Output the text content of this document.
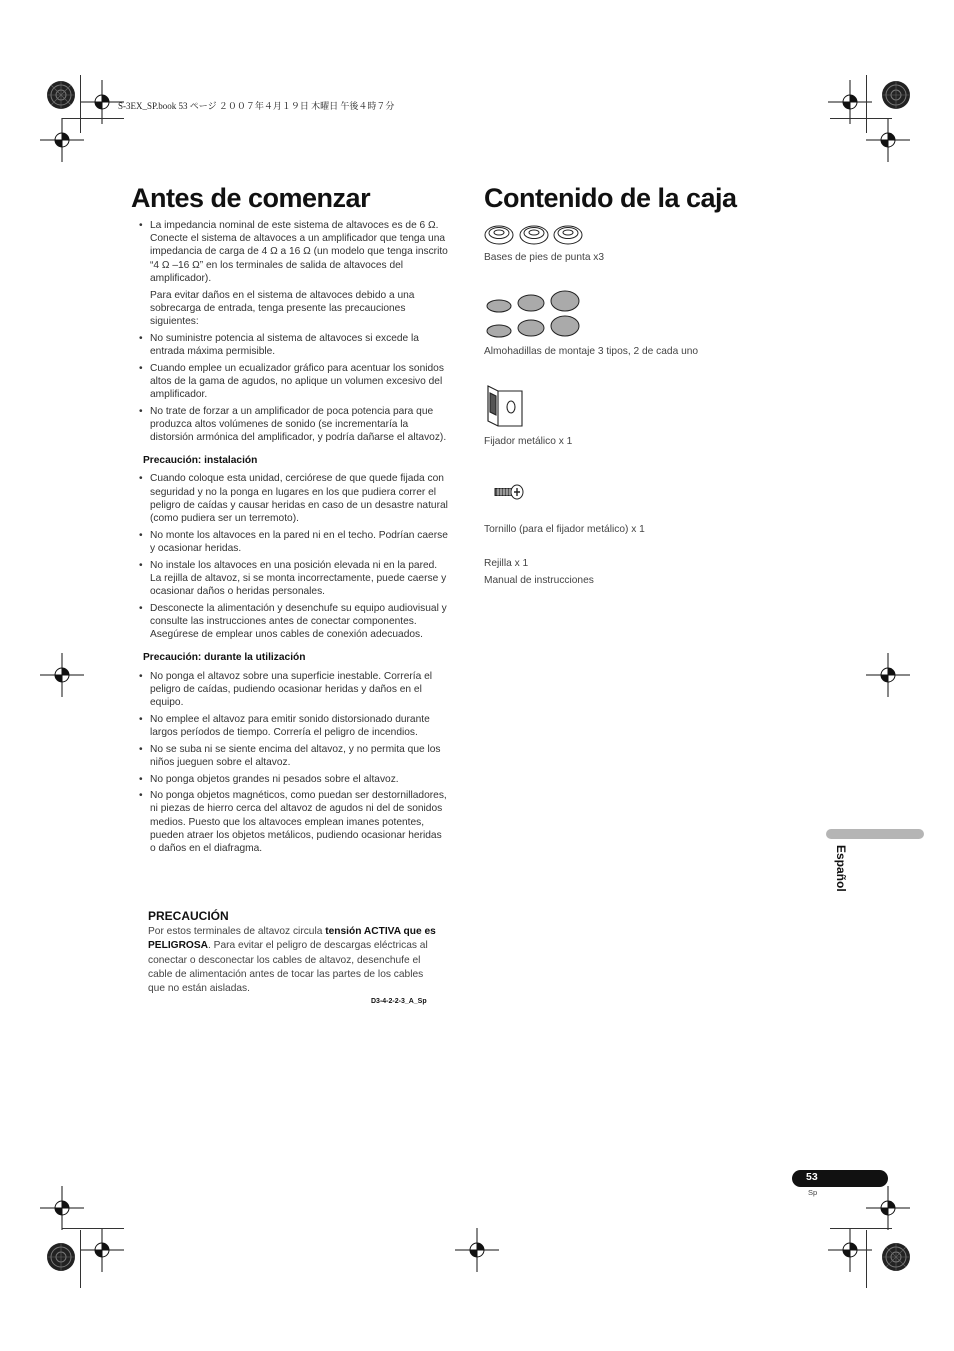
S-3EX_SP.book 53 ページ ２００７年４月１９日 木曜日 午後４時７分
Antes de comenzar
• La impedancia nominal de este sistema de altavoces es de 6 Ω. Conecte el sistema de altavoces a un amplificador que tenga una impedancia de carga de 4 Ω a 16 Ω (un modelo que tenga inscrito “4 Ω –16 Ω” en los terminales de salida de altavoces del amplificador).

Para evitar daños en el sistema de altavoces debido a una sobrecarga de entrada, tenga presente las precauciones siguientes:

• No suministre potencia al sistema de altavoces si excede la entrada máxima permisible.
• Cuando emplee un ecualizador gráfico para acentuar los sonidos altos de la gama de agudos, no aplique un volumen excesivo del amplificador.
• No trate de forzar a un amplificador de poca potencia para que produzca altos volúmenes de sonido (se incrementaría la distorsión armónica del amplificador, y podría dañarse el altavoz).
Precaución: instalación
• Cuando coloque esta unidad, cerciórese de que quede fijada con seguridad y no la ponga en lugares en los que pudiera correr el peligro de caídas y causar heridas en caso de un desastre natural (como pudiera ser un terremoto).
• No monte los altavoces en la pared ni en el techo. Podrían caerse y ocasionar heridas.
• No instale los altavoces en una posición elevada ni en la pared. La rejilla de altavoz, si se monta incorrectamente, puede caerse y ocasionar daños o heridas personales.
• Desconecte la alimentación y desenchufe su equipo audiovisual y consulte las instrucciones antes de conectar componentes. Asegúrese de emplear unos cables de conexión adecuados.
Precaución: durante la utilización
• No ponga el altavoz sobre una superficie inestable. Correría el peligro de caídas, pudiendo ocasionar heridas y daños en el equipo.
• No emplee el altavoz para emitir sonido distorsionado durante largos períodos de tiempo. Correría el peligro de incendios.
• No se suba ni se siente encima del altavoz, y no permita que los niños jueguen sobre el altavoz.
• No ponga objetos grandes ni pesados sobre el altavoz.
• No ponga objetos magnéticos, como puedan ser destornilladores, ni piezas de hierro cerca del altavoz de agudos ni del de sonidos medios. Puesto que los altavoces emplean imanes potentes, pueden atraer los objetos metálicos, pudiendo ocasionar heridas o daños en el diafragma.
PRECAUCIÓN
Por estos terminales de altavoz circula tensión ACTIVA que es PELIGROSA. Para evitar el peligro de descargas eléctricas al conectar o desconectar los cables de altavoz, desenchufe el cable de alimentación antes de tocar las partes de los cables que no están aisladas.
D3-4-2-2-3_A_Sp
Contenido de la caja
Bases de pies de punta x3
Almohadillas de montaje 3 tipos, 2 de cada uno
Fijador metálico x 1
Tornillo (para el fijador metálico) x 1
Rejilla x 1
Manual de instrucciones
Español
53
Sp
